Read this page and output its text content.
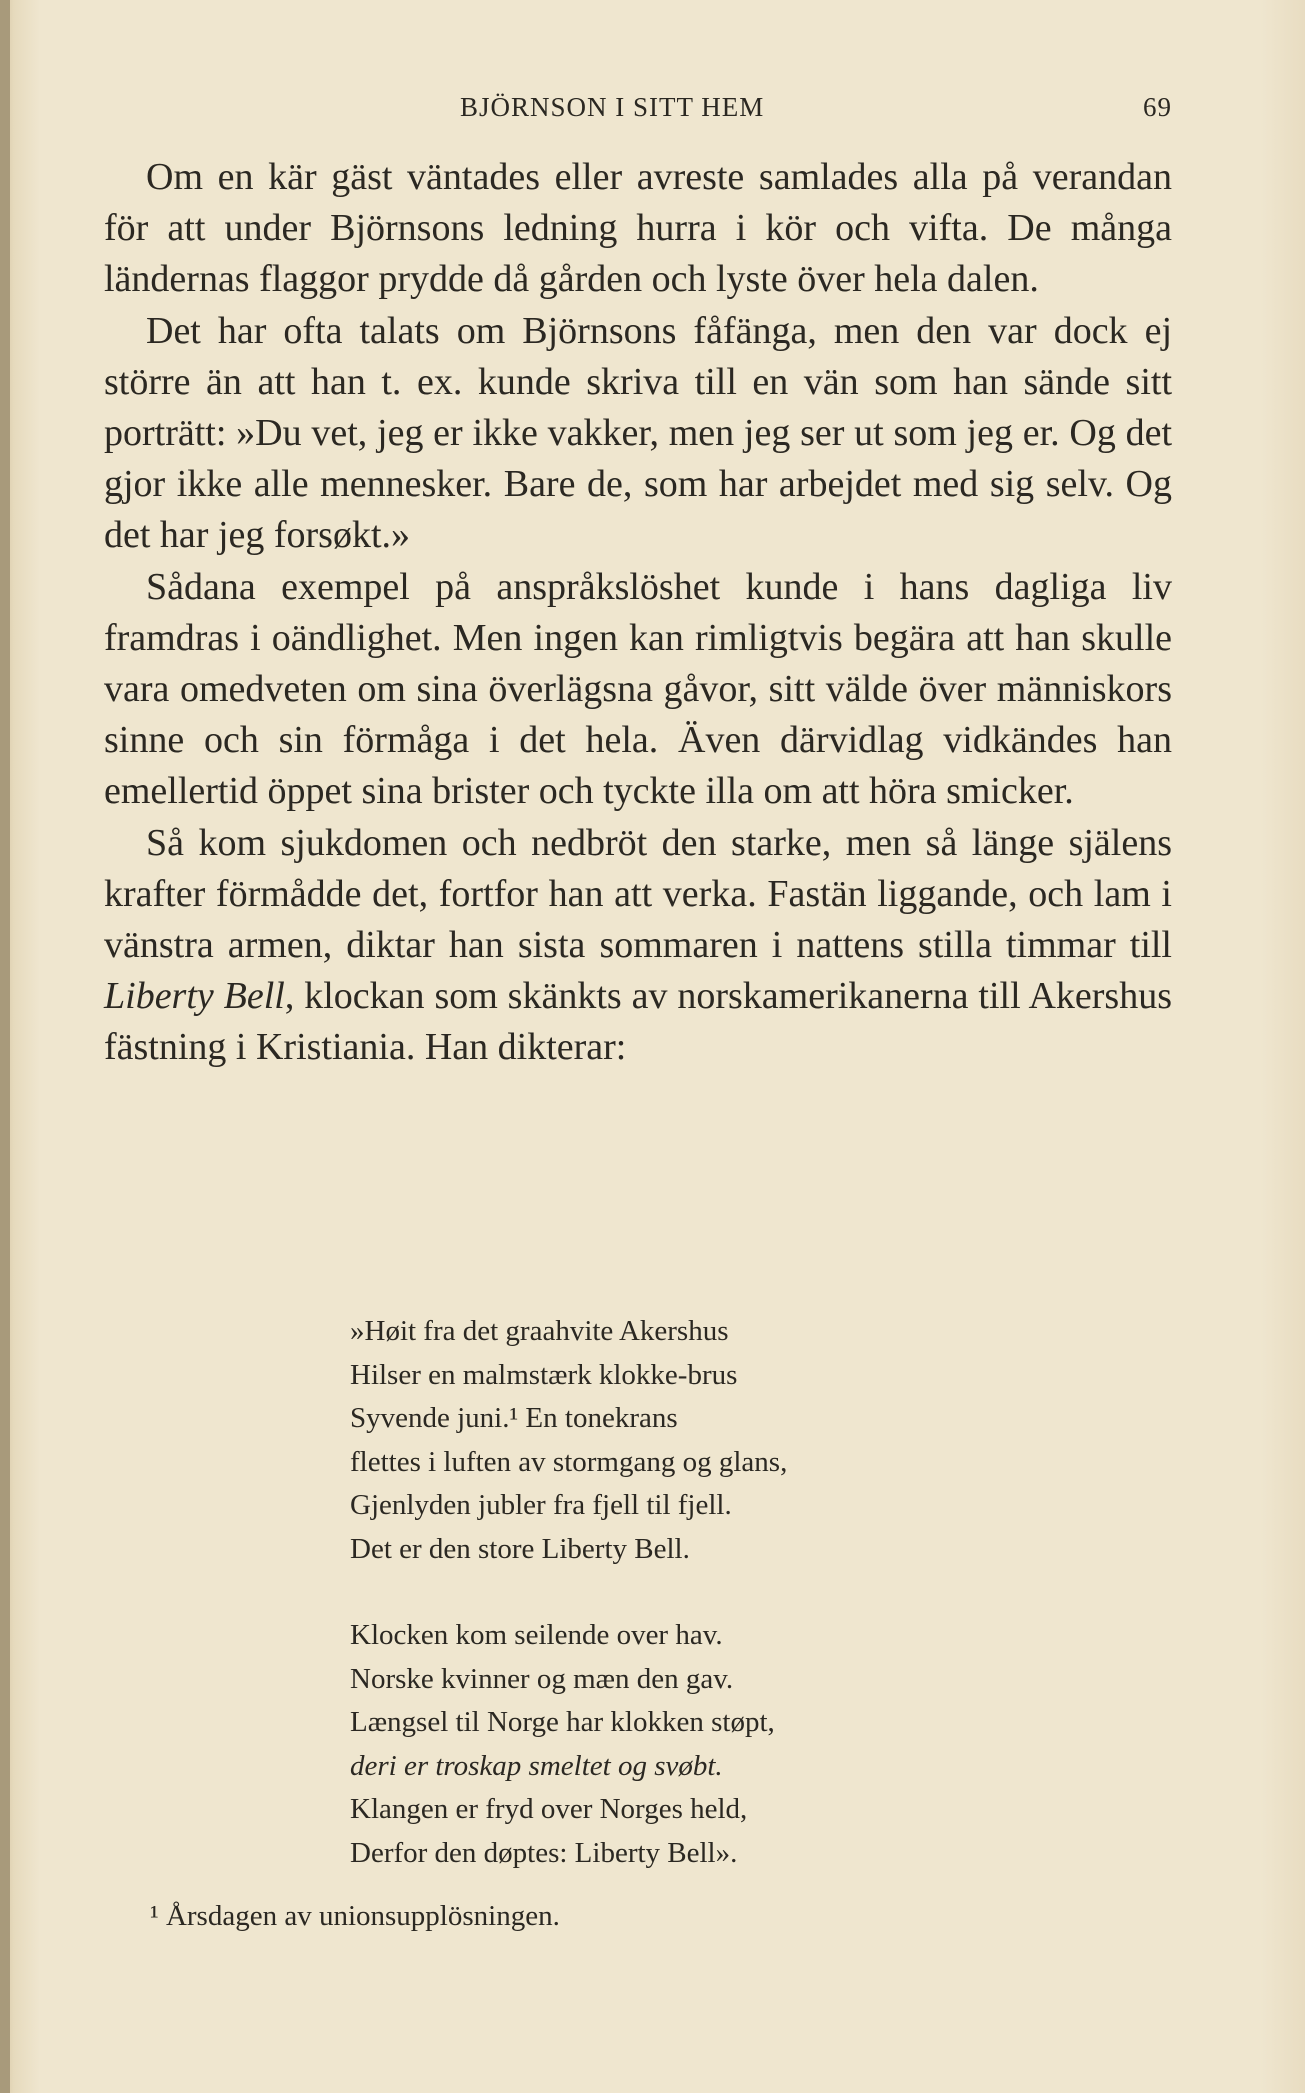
BJÖRNSON I SITT HEM	69

Om en kär gäst väntades eller avreste samlades alla på verandan för att under Björnsons ledning hurra i kör och vifta. De många ländernas flaggor prydde då gården och lyste över hela dalen.

Det har ofta talats om Björnsons fåfänga, men den var dock ej större än att han t. ex. kunde skriva till en vän som han sände sitt porträtt: »Du vet, jeg er ikke vakker, men jeg ser ut som jeg er. Og det gjor ikke alle mennesker. Bare de, som har arbejdet med sig selv. Og det har jeg forsøkt.»

Sådana exempel på anspråkslöshet kunde i hans dagliga liv framdras i oändlighet. Men ingen kan rimligtvis begära att han skulle vara omedveten om sina överlägsna gåvor, sitt välde över människors sinne och sin förmåga i det hela. Även därvidlag vidkändes han emellertid öppet sina brister och tyckte illa om att höra smicker.

Så kom sjukdomen och nedbröt den starke, men så länge själens krafter förmådde det, fortfor han att verka. Fastän liggande, och lam i vänstra armen, diktar han sista sommaren i nattens stilla timmar till Liberty Bell, klockan som skänkts av norskamerikanerna till Akershus fästning i Kristiania. Han dikterar:

»Høit fra det graahvite Akershus
Hilser en malmstærk klokke-brus
Syvende juni.¹ En tonekrans
flettes i luften av stormgang og glans,
Gjenlyden jubler fra fjell til fjell.
Det er den store Liberty Bell.
Klocken kom seilende over hav.
Norske kvinner og mæn den gav.
Længsel til Norge har klokken støpt,
deri er troskap smeltet og svøbt.
Klangen er fryd over Norges held,
Derfor den døptes: Liberty Bell».
¹ Årsdagen av unionsupplösningen.
